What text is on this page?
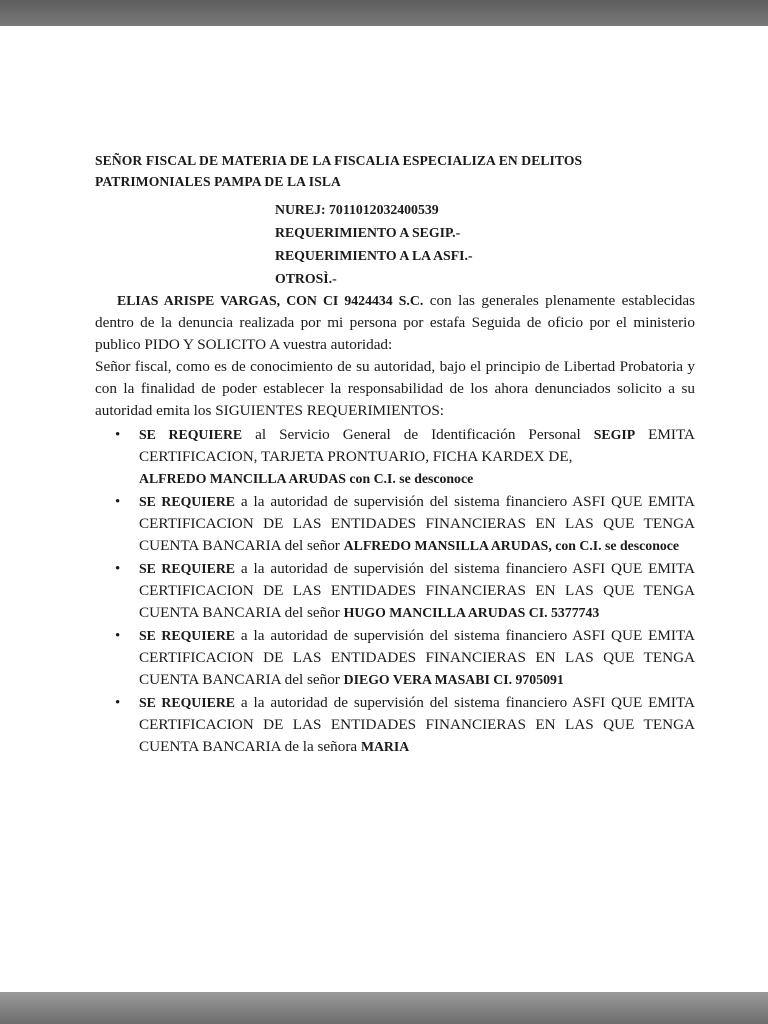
SEÑOR FISCAL DE MATERIA DE LA FISCALIA ESPECIALIZA EN DELITOS PATRIMONIALES PAMPA DE LA ISLA
NUREJ: 7011012032400539
REQUERIMIENTO A SEGIP.-
REQUERIMIENTO A LA ASFI.-
OTROSÌ.-
ELIAS ARISPE VARGAS, CON CI 9424434 S.C. con las generales plenamente establecidas dentro de la denuncia realizada por mi persona por estafa Seguida de oficio por el ministerio publico PIDO Y SOLICITO A vuestra autoridad:
Señor fiscal, como es de conocimiento de su autoridad, bajo el principio de Libertad Probatoria y con la finalidad de poder establecer la responsabilidad de los ahora denunciados solicito a su autoridad emita los SIGUIENTES REQUERIMIENTOS:
• SE REQUIERE al Servicio General de Identificación Personal SEGIP EMITA CERTIFICACION, TARJETA PRONTUARIO, FICHA KARDEX DE,
ALFREDO MANCILLA ARUDAS con C.I. se desconoce
• SE REQUIERE a la autoridad de supervisión del sistema financiero ASFI QUE EMITA CERTIFICACION DE LAS ENTIDADES FINANCIERAS EN LAS QUE TENGA CUENTA BANCARIA del señor ALFREDO MANSILLA ARUDAS, con C.I. se desconoce
• SE REQUIERE a la autoridad de supervisión del sistema financiero ASFI QUE EMITA CERTIFICACION DE LAS ENTIDADES FINANCIERAS EN LAS QUE TENGA CUENTA BANCARIA del señor HUGO MANCILLA ARUDAS CI. 5377743
• SE REQUIERE a la autoridad de supervisión del sistema financiero ASFI QUE EMITA CERTIFICACION DE LAS ENTIDADES FINANCIERAS EN LAS QUE TENGA CUENTA BANCARIA del señor DIEGO VERA MASABI CI. 9705091
• SE REQUIERE a la autoridad de supervisión del sistema financiero ASFI QUE EMITA CERTIFICACION DE LAS ENTIDADES FINANCIERAS EN LAS QUE TENGA CUENTA BANCARIA de la señora MARIA
